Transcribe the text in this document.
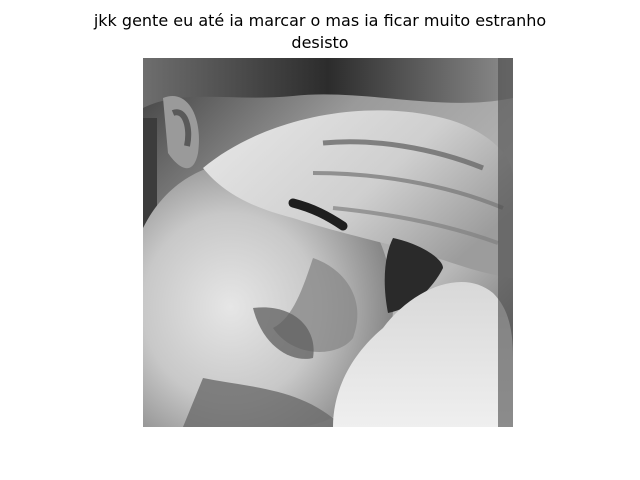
jkk gente eu até ia marcar o mas ia ficar muito estranho
desisto
